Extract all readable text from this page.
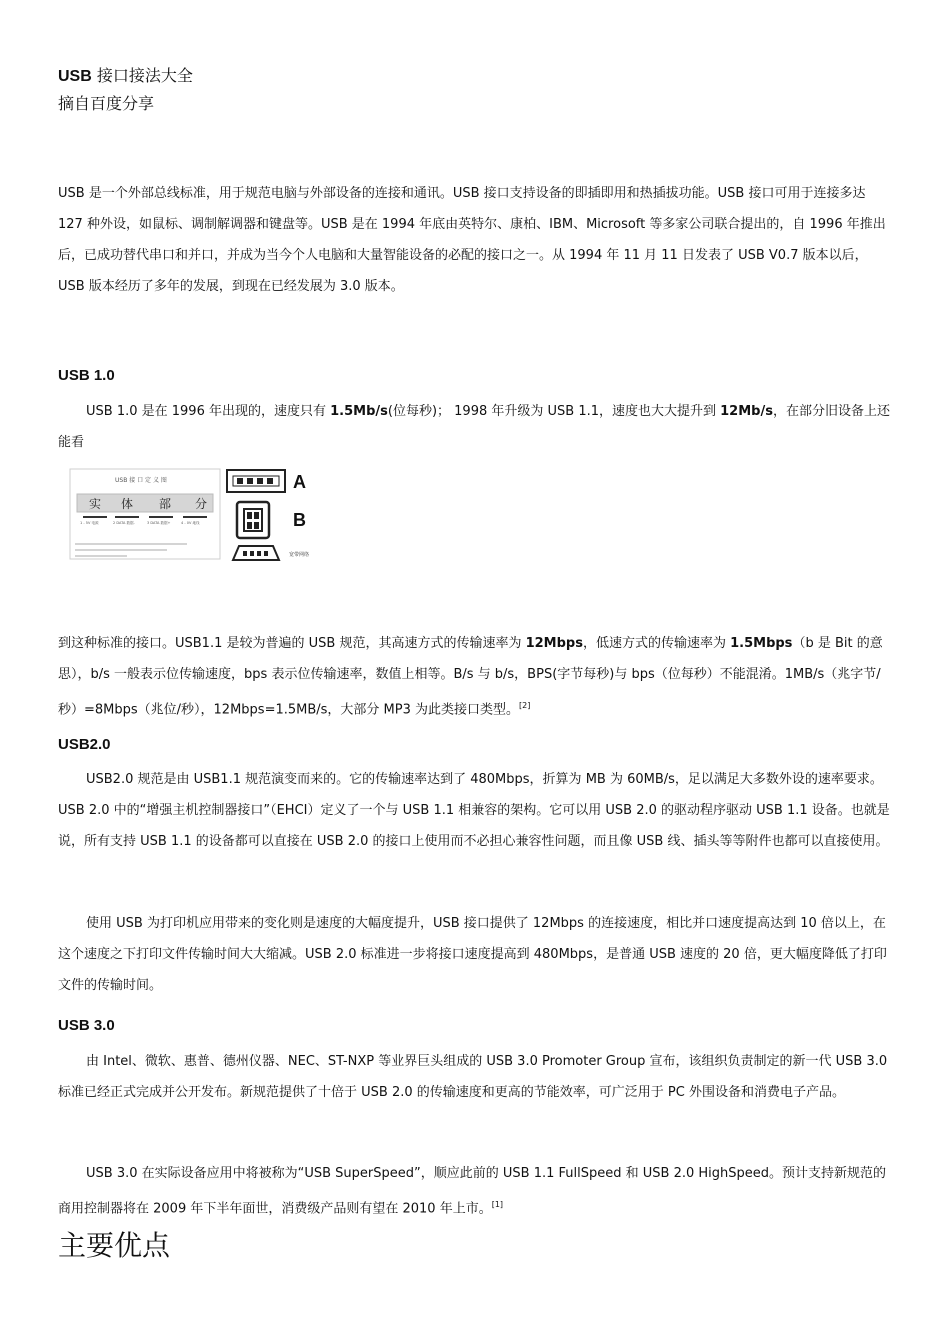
USB 接口接法大全
摘自百度分享

USB 是一个外部总线标准，用于规范电脑与外部设备的连接和通讯。USB 接口支持设备的即插即用和热插拔功能。USB 接口可用于连接多达 127 种外设，如鼠标、调制解调器和键盘等。USB 是在 1994 年底由英特尔、康柏、IBM、Microsoft 等多家公司联合提出的，自 1996 年推出后，已成功替代串口和并口，并成为当今个人电脑和大量智能设备的必配的接口之一。从 1994 年 11 月 11 日发表了 USB V0.7 版本以后，USB 版本经历了多年的发展，到现在已经发展为 3.0 版本。

USB 1.0

USB 1.0 是在 1996 年出现的，速度只有 1.5Mb/s(位每秒)； 1998 年升级为 USB 1.1，速度也大大提升到 12Mb/s，在部分旧设备上还能看

USB 接 口 定 义 图
实 体 部 分
1 - 5V 电源	2 DATA 数据-	3 DATA 数据+	4 - 0V 地线
A
B
宽带网络

到这种标准的接口。USB1.1 是较为普遍的 USB 规范，其高速方式的传输速率为 12Mbps，低速方式的传输速率为 1.5Mbps（b 是 Bit 的意思），b/s 一般表示位传输速度，bps 表示位传输速率，数值上相等。B/s 与 b/s，BPS(字节每秒)与 bps（位每秒）不能混淆。1MB/s（兆字节/秒）=8Mbps（兆位/秒），12Mbps=1.5MB/s，大部分 MP3 为此类接口类型。[2]

USB2.0

USB2.0 规范是由 USB1.1 规范演变而来的。它的传输速率达到了 480Mbps，折算为 MB 为 60MB/s，足以满足大多数外设的速率要求。USB 2.0 中的“增强主机控制器接口”（EHCI）定义了一个与 USB 1.1 相兼容的架构。它可以用 USB 2.0 的驱动程序驱动 USB 1.1 设备。也就是说，所有支持 USB 1.1 的设备都可以直接在 USB 2.0 的接口上使用而不必担心兼容性问题，而且像 USB 线、插头等等附件也都可以直接使用。

使用 USB 为打印机应用带来的变化则是速度的大幅度提升，USB 接口提供了 12Mbps 的连接速度，相比并口速度提高达到 10 倍以上，在这个速度之下打印文件传输时间大大缩减。USB 2.0 标准进一步将接口速度提高到 480Mbps，是普通 USB 速度的 20 倍，更大幅度降低了打印文件的传输时间。

USB 3.0

由 Intel、微软、惠普、德州仪器、NEC、ST-NXP 等业界巨头组成的 USB 3.0 Promoter Group 宣布，该组织负责制定的新一代 USB 3.0 标准已经正式完成并公开发布。新规范提供了十倍于 USB 2.0 的传输速度和更高的节能效率，可广泛用于 PC 外围设备和消费电子产品。

USB 3.0 在实际设备应用中将被称为“USB SuperSpeed”，顺应此前的 USB 1.1 FullSpeed 和 USB 2.0 HighSpeed。预计支持新规范的商用控制器将在 2009 年下半年面世，消费级产品则有望在 2010 年上市。[1]

主要优点
